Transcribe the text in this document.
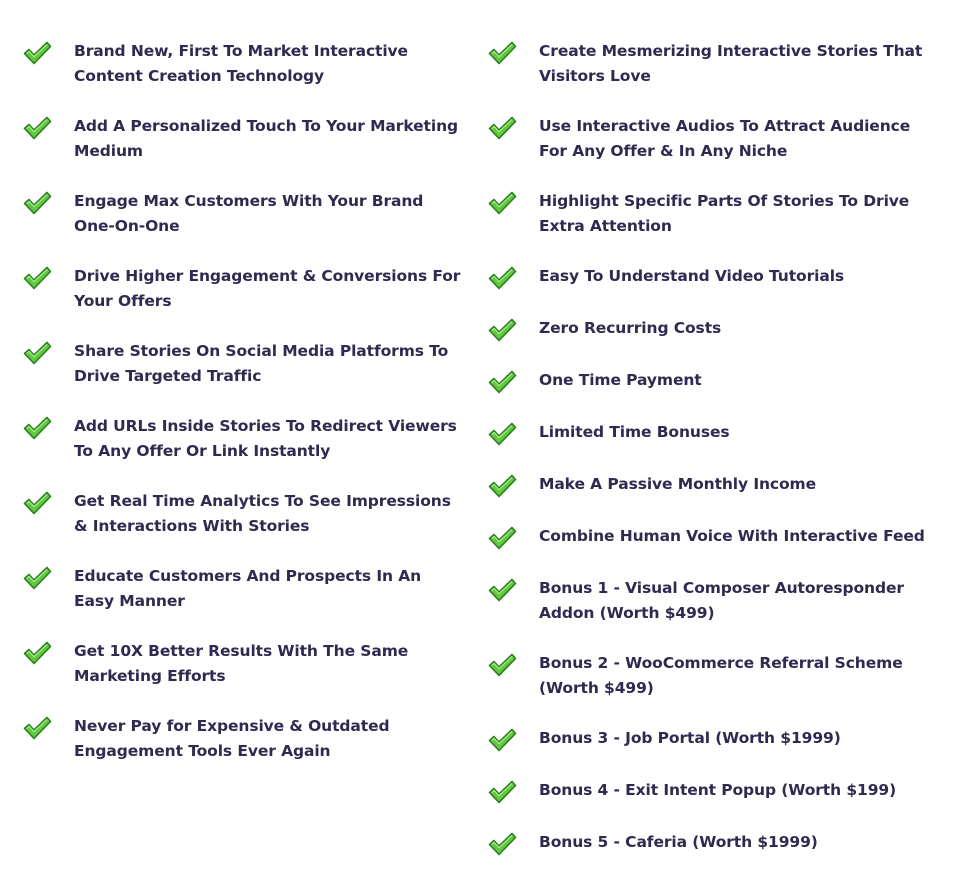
Brand New, First To Market Interactive Content Creation Technology
Add A Personalized Touch To Your Marketing Medium
Engage Max Customers With Your Brand One-On-One
Drive Higher Engagement & Conversions For Your Offers
Share Stories On Social Media Platforms To Drive Targeted Traffic
Add URLs Inside Stories To Redirect Viewers To Any Offer Or Link Instantly
Get Real Time Analytics To See Impressions & Interactions With Stories
Educate Customers And Prospects In An Easy Manner
Get 10X Better Results With The Same Marketing Efforts
Never Pay for Expensive & Outdated Engagement Tools Ever Again
Create Mesmerizing Interactive Stories That Visitors Love
Use Interactive Audios To Attract Audience For Any Offer & In Any Niche
Highlight Specific Parts Of Stories To Drive Extra Attention
Easy To Understand Video Tutorials
Zero Recurring Costs
One Time Payment
Limited Time Bonuses
Make A Passive Monthly Income
Combine Human Voice With Interactive Feed
Bonus 1 - Visual Composer Autoresponder Addon (Worth $499)
Bonus 2 - WooCommerce Referral Scheme (Worth $499)
Bonus 3 - Job Portal (Worth $1999)
Bonus 4 - Exit Intent Popup (Worth $199)
Bonus 5 - Caferia (Worth $1999)
